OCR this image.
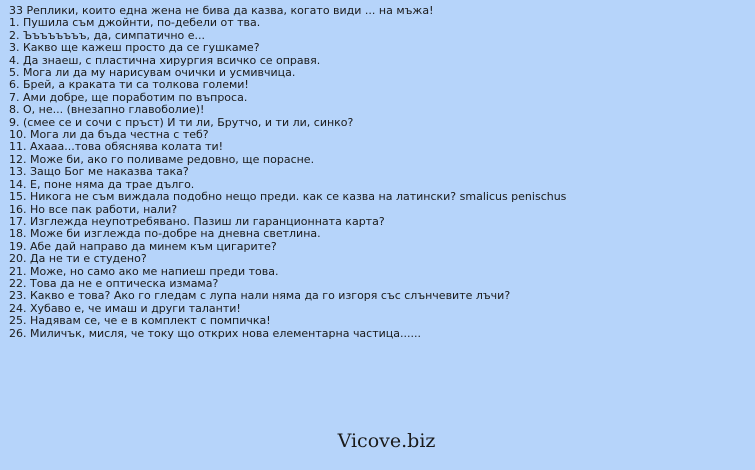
33 Реплики, които една жена не бива да казва, когато види ... на мъжа!
1. Пушила съм джойнти, по-дебели от тва.
2. Ъъъъъъъъ, да, симпатично е...
3. Какво ще кажеш просто да се гушкаме?
4. Да знаеш, с пластична хирургия всичко се оправя.
5. Мога ли да му нарисувам очички и усмивчица.
6. Брей, а краката ти са толкова големи!
7. Ами добре, ще поработим по въпроса.
8. О, не... (внезапно главоболие)!
9. (смее се и сочи с пръст) И ти ли, Брутчо, и ти ли, синко?
10. Мога ли да бъда честна с теб?
11. Ахааа...това обяснява колата ти!
12. Може би, ако го поливаме редовно, ще порасне.
13. Защо Бог ме наказва така?
14. Е, поне няма да трае дълго.
15. Никога не съм виждала подобно нещо преди. как се казва на латински? smalicus penischus
16. Но все пак работи, нали?
17. Изглежда неупотребявано. Пазиш ли гаранционната карта?
18. Може би изглежда по-добре на дневна светлина.
19. Абе дай направо да минем към цигарите?
20. Да не ти е студено?
21. Може, но само ако ме напиеш преди това.
22. Това да не е оптическа измама?
23. Какво е това? Ако го гледам с лупа нали няма да го изгоря със слънчевите лъчи?
24. Хубаво е, че имаш и други таланти!
25. Надявам се, че е в комплект с помпичка!
26. Миличък, мисля, че току що открих нова елементарна частица......
Vicove.biz
